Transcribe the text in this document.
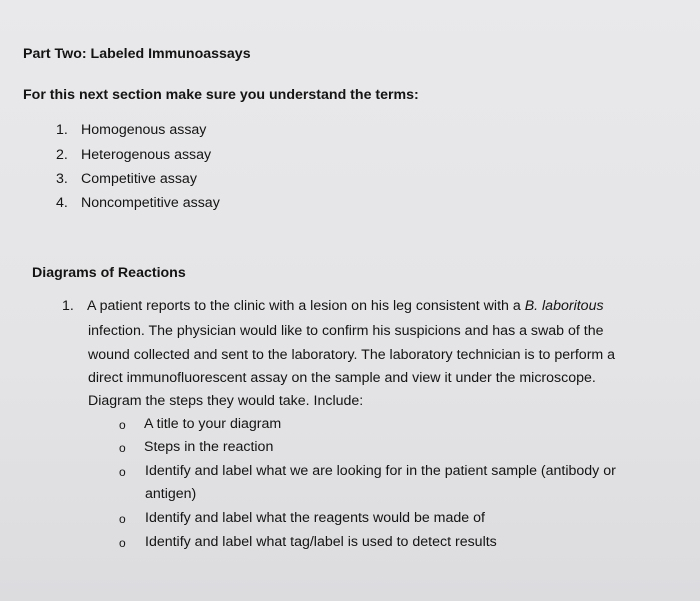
Part Two: Labeled Immunoassays
For this next section make sure you understand the terms:
1. Homogenous assay
2. Heterogenous assay
3. Competitive assay
4. Noncompetitive assay
Diagrams of Reactions
1. A patient reports to the clinic with a lesion on his leg consistent with a B. laboritous
infection. The physician would like to confirm his suspicions and has a swab of the
wound collected and sent to the laboratory. The laboratory technician is to perform a
direct immunofluorescent assay on the sample and view it under the microscope.
Diagram the steps they would take. Include:
o A title to your diagram
o Steps in the reaction
o Identify and label what we are looking for in the patient sample (antibody or
antigen)
o Identify and label what the reagents would be made of
o Identify and label what tag/label is used to detect results
